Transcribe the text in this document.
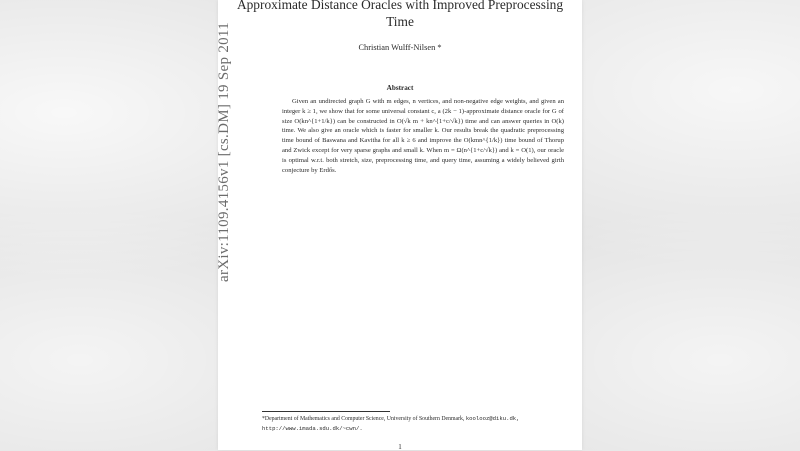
Approximate Distance Oracles with Improved Preprocessing Time
Christian Wulff-Nilsen *
Abstract
Given an undirected graph G with m edges, n vertices, and non-negative edge weights, and given an integer k ≥ 1, we show that for some universal constant c, a (2k − 1)-approximate distance oracle for G of size O(kn^{1+1/k}) can be constructed in O(√k m + kn^{1+c/√k}) time and can answer queries in O(k) time. We also give an oracle which is faster for smaller k. Our results break the quadratic preprocessing time bound of Baswana and Kavitha for all k ≥ 6 and improve the O(kmn^{1/k}) time bound of Thorup and Zwick except for very sparse graphs and small k. When m = Ω(n^{1+c/√k}) and k = O(1), our oracle is optimal w.r.t. both stretch, size, preprocessing time, and query time, assuming a widely believed girth conjecture by Erdős.
*Department of Mathematics and Computer Science, University of Southern Denmark, koolooz@diku.dk,
http://www.imada.sdu.dk/~cwn/.
1
arXiv:1109.4156v1 [cs.DM] 19 Sep 2011
